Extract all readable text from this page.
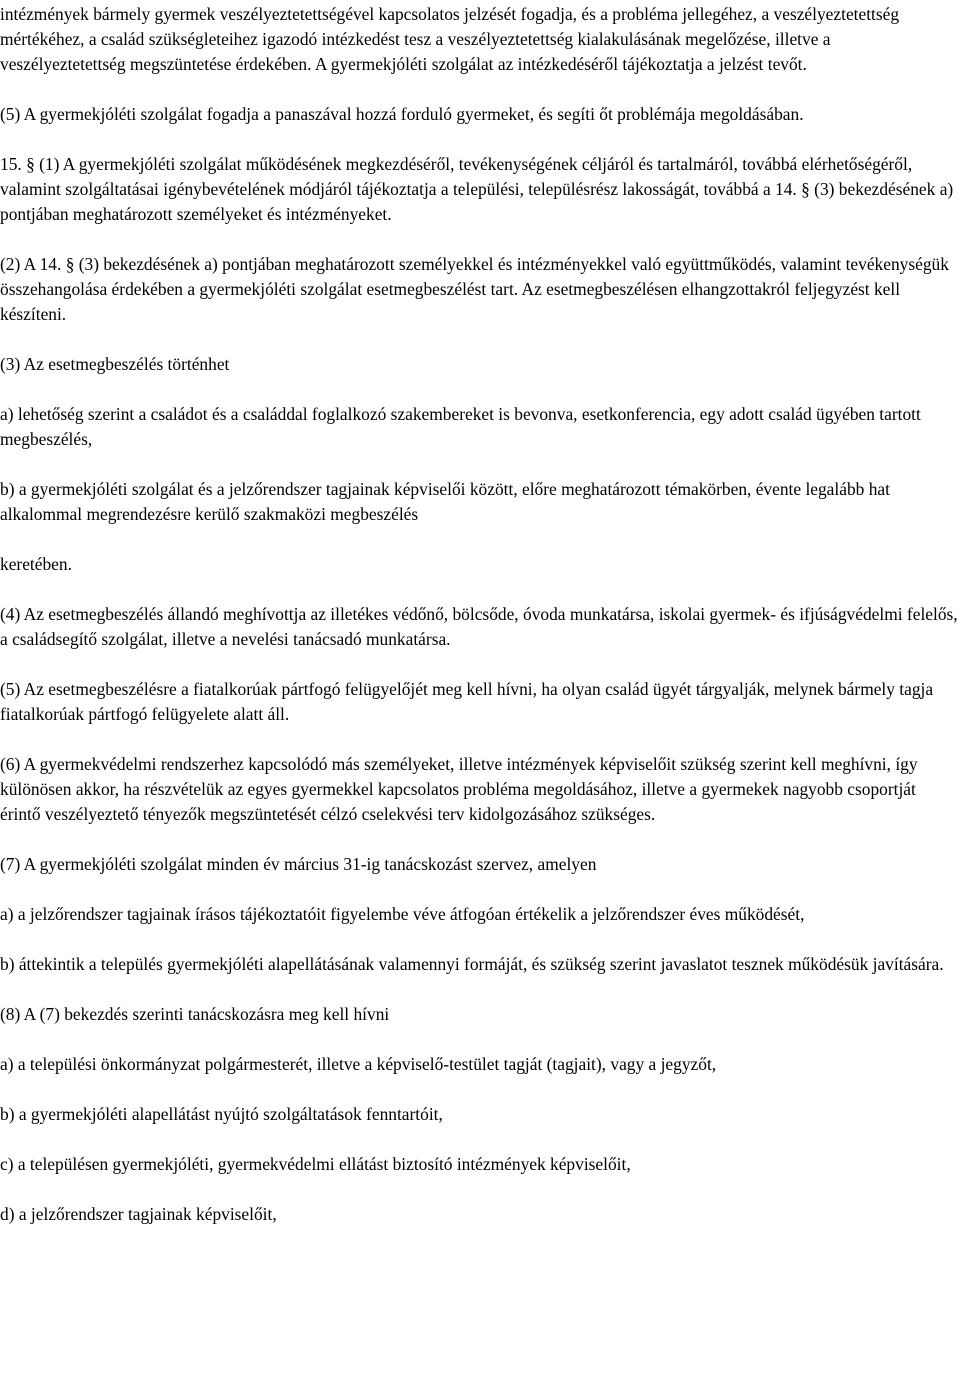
intézmények bármely gyermek veszélyeztetettségével kapcsolatos jelzését fogadja, és a probléma jellegéhez, a veszélyeztetettség mértékéhez, a család szükségleteihez igazodó intézkedést tesz a veszélyeztetettség kialakulásának megelőzése, illetve a veszélyeztetettség megszüntetése érdekében. A gyermekjóléti szolgálat az intézkedéséről tájékoztatja a jelzést tevőt.

(5) A gyermekjóléti szolgálat fogadja a panaszával hozzá forduló gyermeket, és segíti őt problémája megoldásában.

15. § (1) A gyermekjóléti szolgálat működésének megkezdéséről, tevékenységének céljáról és tartalmáról, továbbá elérhetőségéről, valamint szolgáltatásai igénybevételének módjáról tájékoztatja a települési, településrész lakosságát, továbbá a 14. § (3) bekezdésének a) pontjában meghatározott személyeket és intézményeket.

(2) A 14. § (3) bekezdésének a) pontjában meghatározott személyekkel és intézményekkel való együttműködés, valamint tevékenységük összehangolása érdekében a gyermekjóléti szolgálat esetmegbeszélést tart. Az esetmegbeszélésen elhangzottakról feljegyzést kell készíteni.

(3) Az esetmegbeszélés történhet

a) lehetőség szerint a családot és a családdal foglalkozó szakembereket is bevonva, esetkonferencia, egy adott család ügyében tartott megbeszélés,

b) a gyermekjóléti szolgálat és a jelzőrendszer tagjainak képviselői között, előre meghatározott témakörben, évente legalább hat alkalommal megrendezésre kerülő szakmaközi megbeszélés

keretében.

(4) Az esetmegbeszélés állandó meghívottja az illetékes védőnő, bölcsőde, óvoda munkatársa, iskolai gyermek- és ifjúságvédelmi felelős, a családsegítő szolgálat, illetve a nevelési tanácsadó munkatársa.

(5) Az esetmegbeszélésre a fiatalkorúak pártfogó felügyelőjét meg kell hívni, ha olyan család ügyét tárgyalják, melynek bármely tagja fiatalkorúak pártfogó felügyelete alatt áll.

(6) A gyermekvédelmi rendszerhez kapcsolódó más személyeket, illetve intézmények képviselőit szükség szerint kell meghívni, így különösen akkor, ha részvételük az egyes gyermekkel kapcsolatos probléma megoldásához, illetve a gyermekek nagyobb csoportját érintő veszélyeztető tényezők megszüntetését célzó cselekvési terv kidolgozásához szükséges.

(7) A gyermekjóléti szolgálat minden év március 31-ig tanácskozást szervez, amelyen

a) a jelzőrendszer tagjainak írásos tájékoztatóit figyelembe véve átfogóan értékelik a jelzőrendszer éves működését,

b) áttekintik a település gyermekjóléti alapellátásának valamennyi formáját, és szükség szerint javaslatot tesznek működésük javítására.

(8) A (7) bekezdés szerinti tanácskozásra meg kell hívni

a) a települési önkormányzat polgármesterét, illetve a képviselő-testület tagját (tagjait), vagy a jegyzőt,

b) a gyermekjóléti alapellátást nyújtó szolgáltatások fenntartóit,

c) a településen gyermekjóléti, gyermekvédelmi ellátást biztosító intézmények képviselőit,

d) a jelzőrendszer tagjainak képviselőit,
